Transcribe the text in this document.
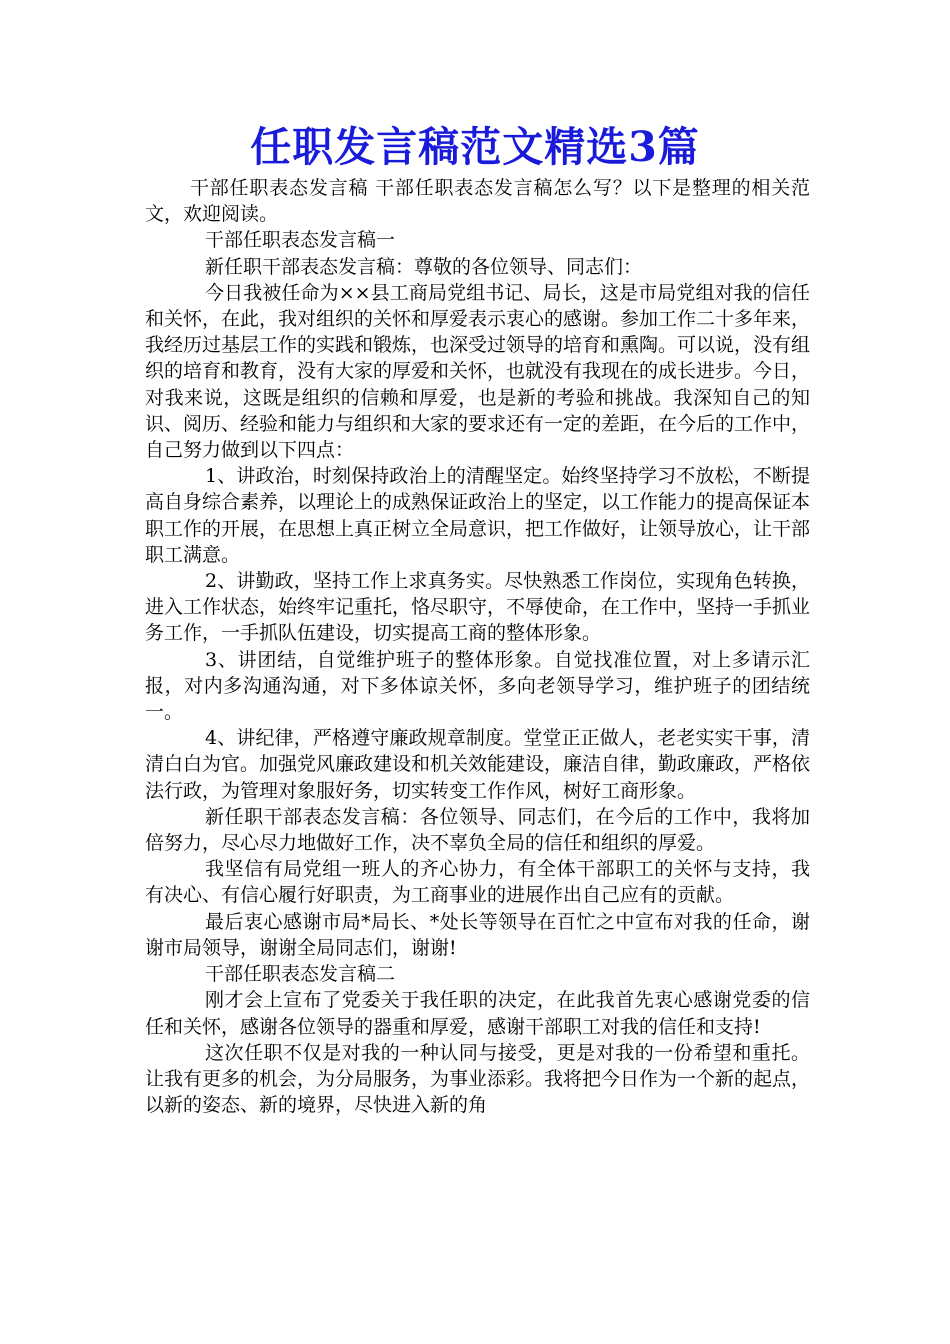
任职发言稿范文精选3篇

干部任职表态发言稿 干部任职表态发言稿怎么写？以下是整理的相关范文，欢迎阅读。

干部任职表态发言稿一

新任职干部表态发言稿：尊敬的各位领导、同志们：

今日我被任命为××县工商局党组书记、局长，这是市局党组对我的信任和关怀，在此，我对组织的关怀和厚爱表示衷心的感谢。参加工作二十多年来，我经历过基层工作的实践和锻炼，也深受过领导的培育和熏陶。可以说，没有组织的培育和教育，没有大家的厚爱和关怀，也就没有我现在的成长进步。今日，对我来说，这既是组织的信赖和厚爱，也是新的考验和挑战。我深知自己的知识、阅历、经验和能力与组织和大家的要求还有一定的差距，在今后的工作中，自己努力做到以下四点：

1、讲政治，时刻保持政治上的清醒坚定。始终坚持学习不放松，不断提高自身综合素养，以理论上的成熟保证政治上的坚定，以工作能力的提高保证本职工作的开展，在思想上真正树立全局意识，把工作做好，让领导放心，让干部职工满意。

2、讲勤政，坚持工作上求真务实。尽快熟悉工作岗位，实现角色转换，进入工作状态，始终牢记重托，恪尽职守，不辱使命，在工作中，坚持一手抓业务工作，一手抓队伍建设，切实提高工商的整体形象。

3、讲团结，自觉维护班子的整体形象。自觉找准位置，对上多请示汇报，对内多沟通沟通，对下多体谅关怀，多向老领导学习，维护班子的团结统一。

4、讲纪律，严格遵守廉政规章制度。堂堂正正做人，老老实实干事，清清白白为官。加强党风廉政建设和机关效能建设，廉洁自律，勤政廉政，严格依法行政，为管理对象服好务，切实转变工作作风，树好工商形象。

新任职干部表态发言稿：各位领导、同志们，在今后的工作中，我将加倍努力，尽心尽力地做好工作，决不辜负全局的信任和组织的厚爱。

我坚信有局党组一班人的齐心协力，有全体干部职工的关怀与支持，我有决心、有信心履行好职责，为工商事业的进展作出自己应有的贡献。

最后衷心感谢市局*局长、*处长等领导在百忙之中宣布对我的任命，谢谢市局领导，谢谢全局同志们，谢谢!

干部任职表态发言稿二

刚才会上宣布了党委关于我任职的决定，在此我首先衷心感谢党委的信任和关怀，感谢各位领导的器重和厚爱，感谢干部职工对我的信任和支持!

这次任职不仅是对我的一种认同与接受，更是对我的一份希望和重托。让我有更多的机会，为分局服务，为事业添彩。我将把今日作为一个新的起点，以新的姿态、新的境界，尽快进入新的角
